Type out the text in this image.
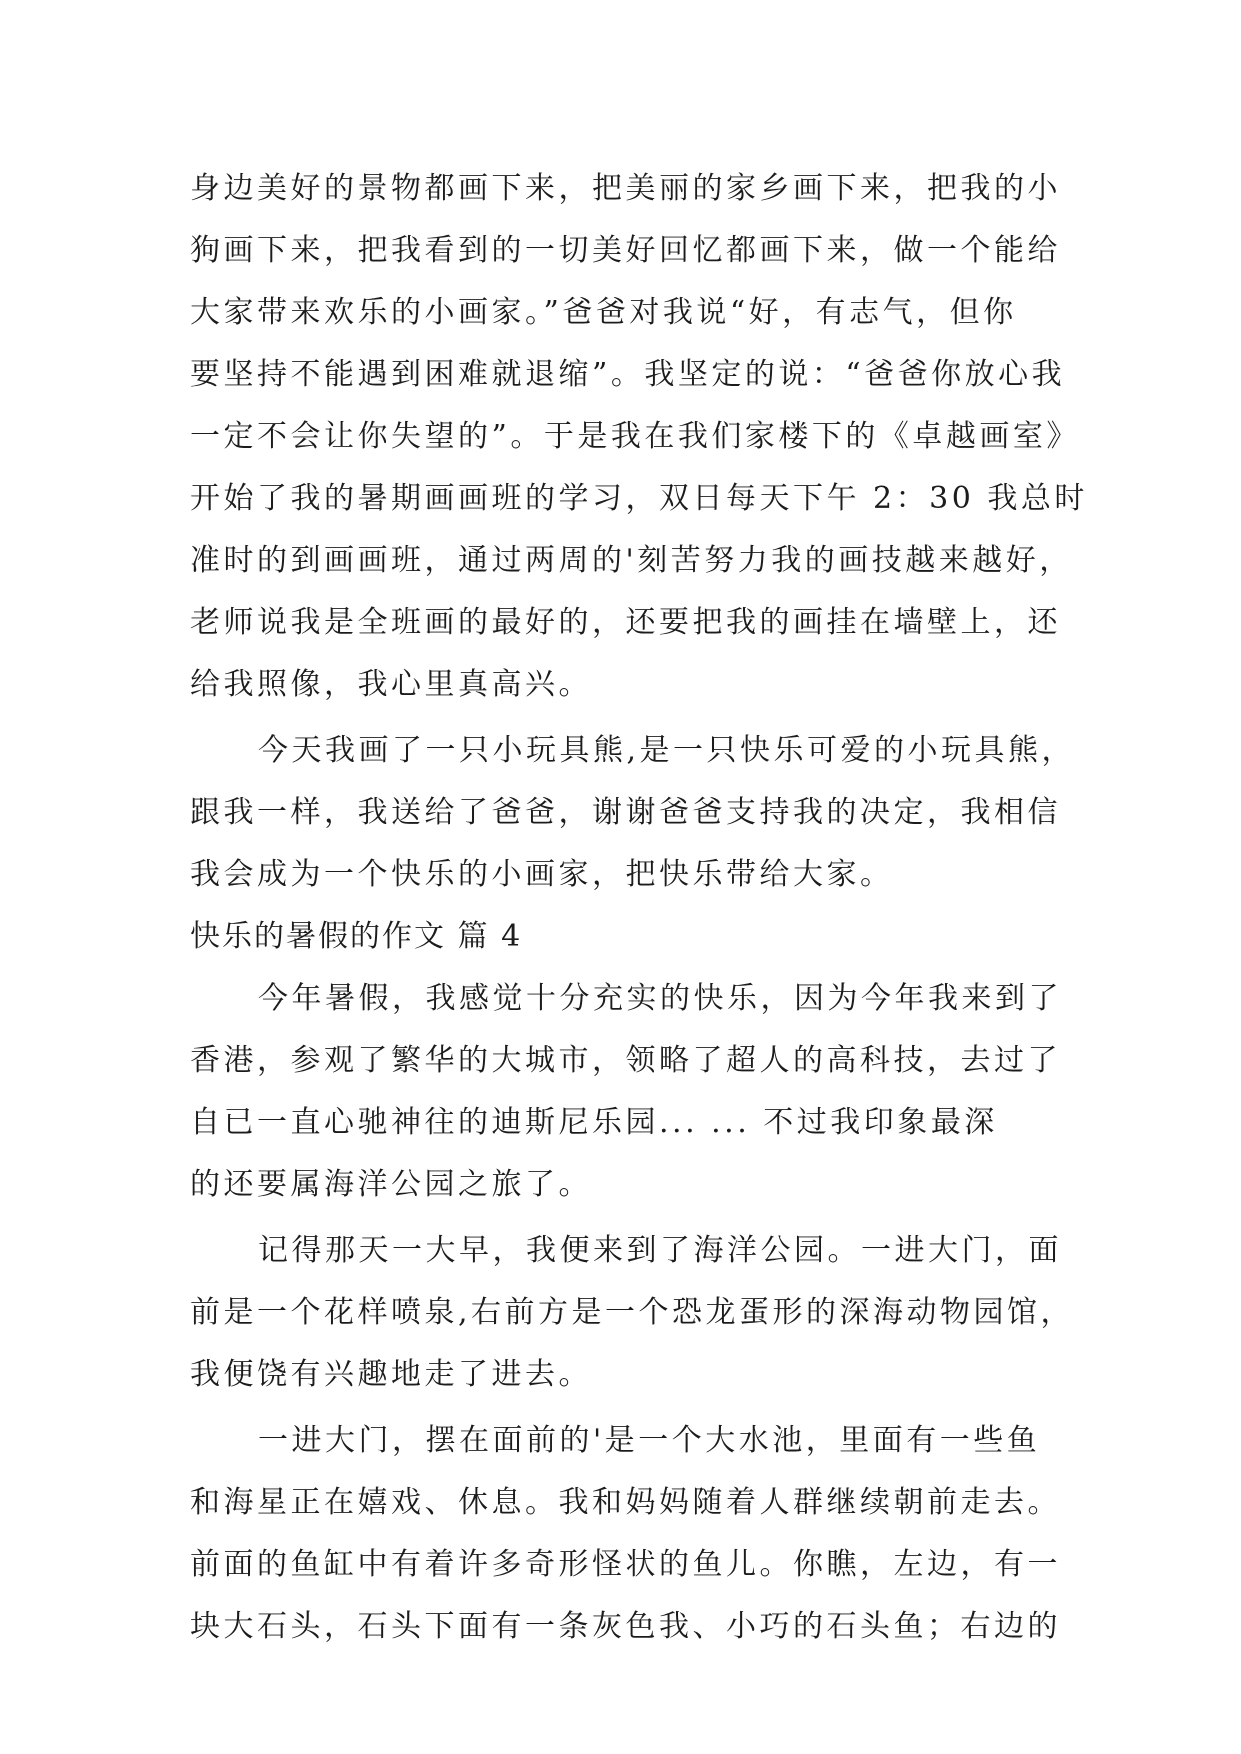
身边美好的景物都画下来，把美丽的家乡画下来，把我的小
狗画下来，把我看到的一切美好回忆都画下来，做一个能给
大家带来欢乐的小画家。”爸爸对我说“好，有志气，但你
要坚持不能遇到困难就退缩”。我坚定的说：“爸爸你放心我
一定不会让你失望的”。于是我在我们家楼下的《卓越画室》
开始了我的暑期画画班的学习，双日每天下午 2：30 我总时
准时的到画画班，通过两周的'刻苦努力我的画技越来越好，
老师说我是全班画的最好的，还要把我的画挂在墙壁上，还
给我照像，我心里真高兴。
今天我画了一只小玩具熊,是一只快乐可爱的小玩具熊，
跟我一样，我送给了爸爸，谢谢爸爸支持我的决定，我相信
我会成为一个快乐的小画家，把快乐带给大家。
快乐的暑假的作文 篇 4
今年暑假，我感觉十分充实的快乐，因为今年我来到了
香港，参观了繁华的大城市，领略了超人的高科技，去过了
自已一直心驰神往的迪斯尼乐园... ... 不过我印象最深
的还要属海洋公园之旅了。
记得那天一大早，我便来到了海洋公园。一进大门，面
前是一个花样喷泉,右前方是一个恐龙蛋形的深海动物园馆，
我便饶有兴趣地走了进去。
一进大门，摆在面前的'是一个大水池，里面有一些鱼
和海星正在嬉戏、休息。我和妈妈随着人群继续朝前走去。
前面的鱼缸中有着许多奇形怪状的鱼儿。你瞧，左边，有一
块大石头，石头下面有一条灰色我、小巧的石头鱼；右边的
